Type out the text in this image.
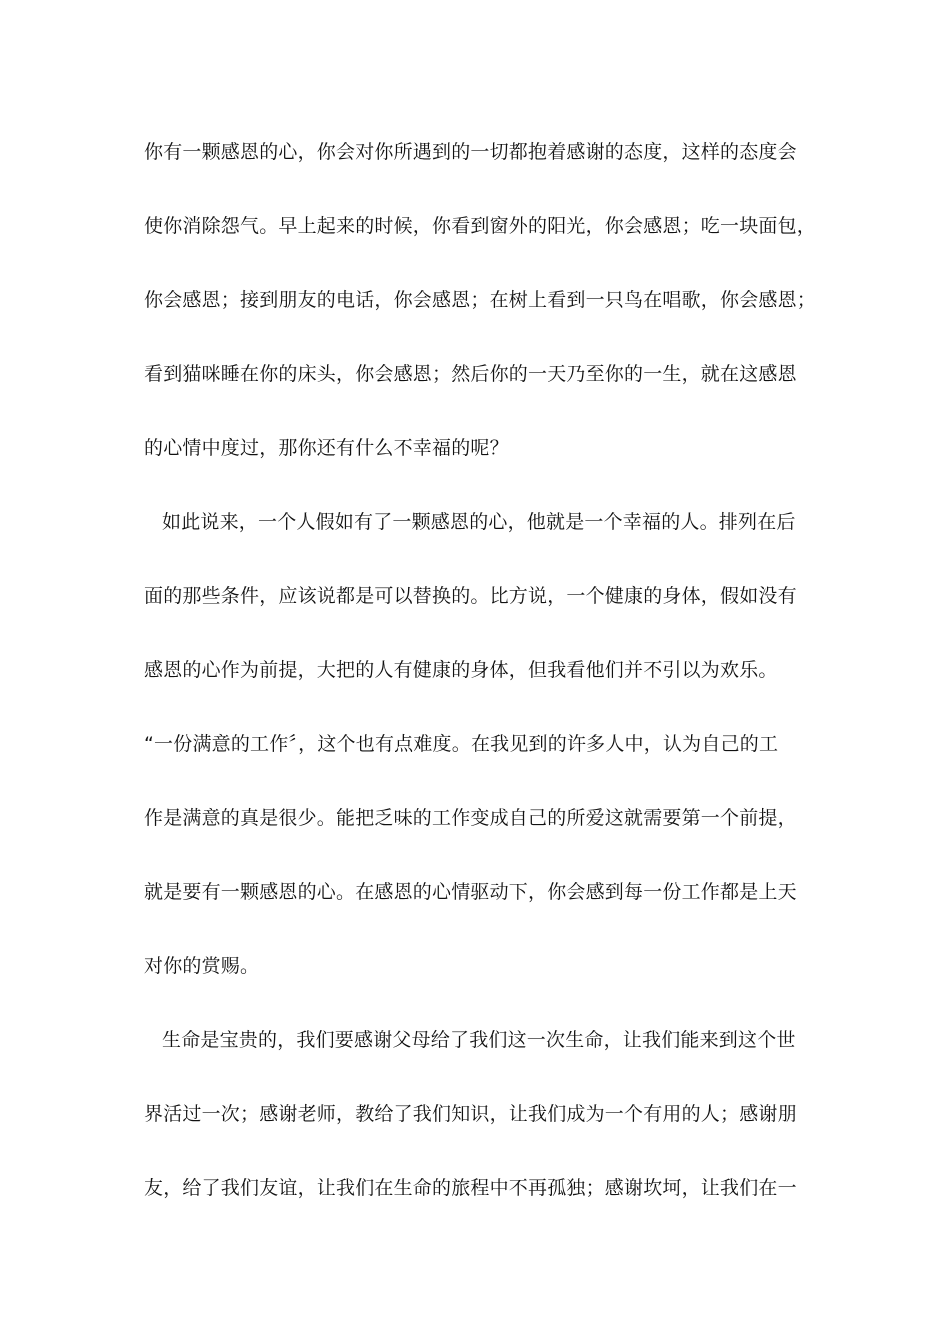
你有一颗感恩的心，你会对你所遇到的一切都抱着感谢的态度，这样的态度会
使你消除怨气。早上起来的时候，你看到窗外的阳光，你会感恩；吃一块面包，
你会感恩；接到朋友的电话，你会感恩；在树上看到一只鸟在唱歌，你会感恩；
看到猫咪睡在你的床头，你会感恩；然后你的一天乃至你的一生，就在这感恩
的心情中度过，那你还有什么不幸福的呢？
如此说来，一个人假如有了一颗感恩的心，他就是一个幸福的人。排列在后
面的那些条件，应该说都是可以替换的。比方说，一个健康的身体，假如没有
感恩的心作为前提，大把的人有健康的身体，但我看他们并不引以为欢乐。
“一份满意的工作〞，这个也有点难度。在我见到的许多人中，认为自己的工
作是满意的真是很少。能把乏味的工作变成自己的所爱这就需要第一个前提，
就是要有一颗感恩的心。在感恩的心情驱动下，你会感到每一份工作都是上天
对你的赏赐。
生命是宝贵的，我们要感谢父母给了我们这一次生命，让我们能来到这个世
界活过一次；感谢老师，教给了我们知识，让我们成为一个有用的人；感谢朋
友，给了我们友谊，让我们在生命的旅程中不再孤独；感谢坎坷，让我们在一
